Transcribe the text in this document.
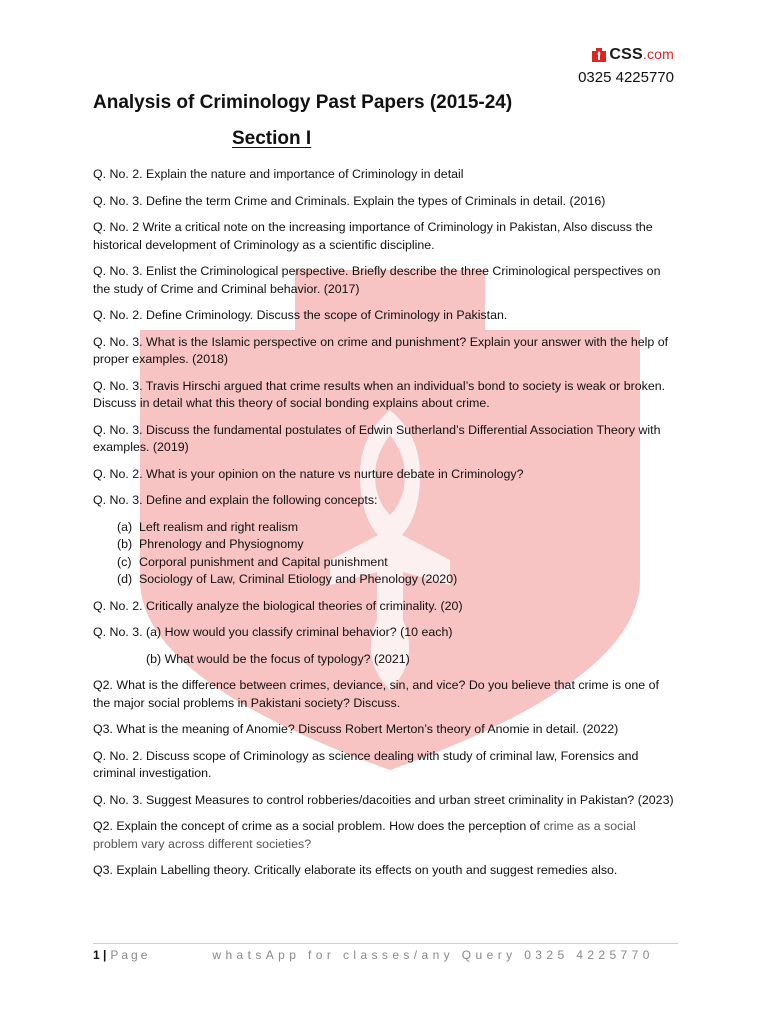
CSS.com
0325 4225770
Analysis of Criminology Past Papers (2015-24)
Section I

Q. No. 2. Explain the nature and importance of Criminology in detail

Q. No. 3. Define the term Crime and Criminals. Explain the types of Criminals in detail. (2016)

Q. No. 2 Write a critical note on the increasing importance of Criminology in Pakistan, Also discuss the historical development of Criminology as a scientific discipline.

Q. No. 3. Enlist the Criminological perspective. Briefly describe the three Criminological perspectives on the study of Crime and Criminal behavior. (2017)

Q. No. 2. Define Criminology. Discuss the scope of Criminology in Pakistan.

Q. No. 3. What is the Islamic perspective on crime and punishment? Explain your answer with the help of proper examples. (2018)

Q. No. 3. Travis Hirschi argued that crime results when an individual’s bond to society is weak or broken. Discuss in detail what this theory of social bonding explains about crime.

Q. No. 3. Discuss the fundamental postulates of Edwin Sutherland’s Differential Association Theory with examples. (2019)

Q. No. 2. What is your opinion on the nature vs nurture debate in Criminology?

Q. No. 3. Define and explain the following concepts:

(a) Left realism and right realism
(b) Phrenology and Physiognomy
(c) Corporal punishment and Capital punishment
(d) Sociology of Law, Criminal Etiology and Phenology (2020)

Q. No. 2. Critically analyze the biological theories of criminality. (20)

Q. No. 3. (a) How would you classify criminal behavior? (10 each)

(b) What would be the focus of typology? (2021)

Q2. What is the difference between crimes, deviance, sin, and vice? Do you believe that crime is one of the major social problems in Pakistani society? Discuss.

Q3. What is the meaning of Anomie? Discuss Robert Merton’s theory of Anomie in detail. (2022)

Q. No. 2. Discuss scope of Criminology as science dealing with study of criminal law, Forensics and criminal investigation.

Q. No. 3. Suggest Measures to control robberies/dacoities and urban street criminality in Pakistan? (2023)

Q2. Explain the concept of crime as a social problem. How does the perception of crime as a social problem vary across different societies?

Q3. Explain Labelling theory. Critically elaborate its effects on youth and suggest remedies also.

1 | Page	whatsApp for classes/any Query 0325 4225770
